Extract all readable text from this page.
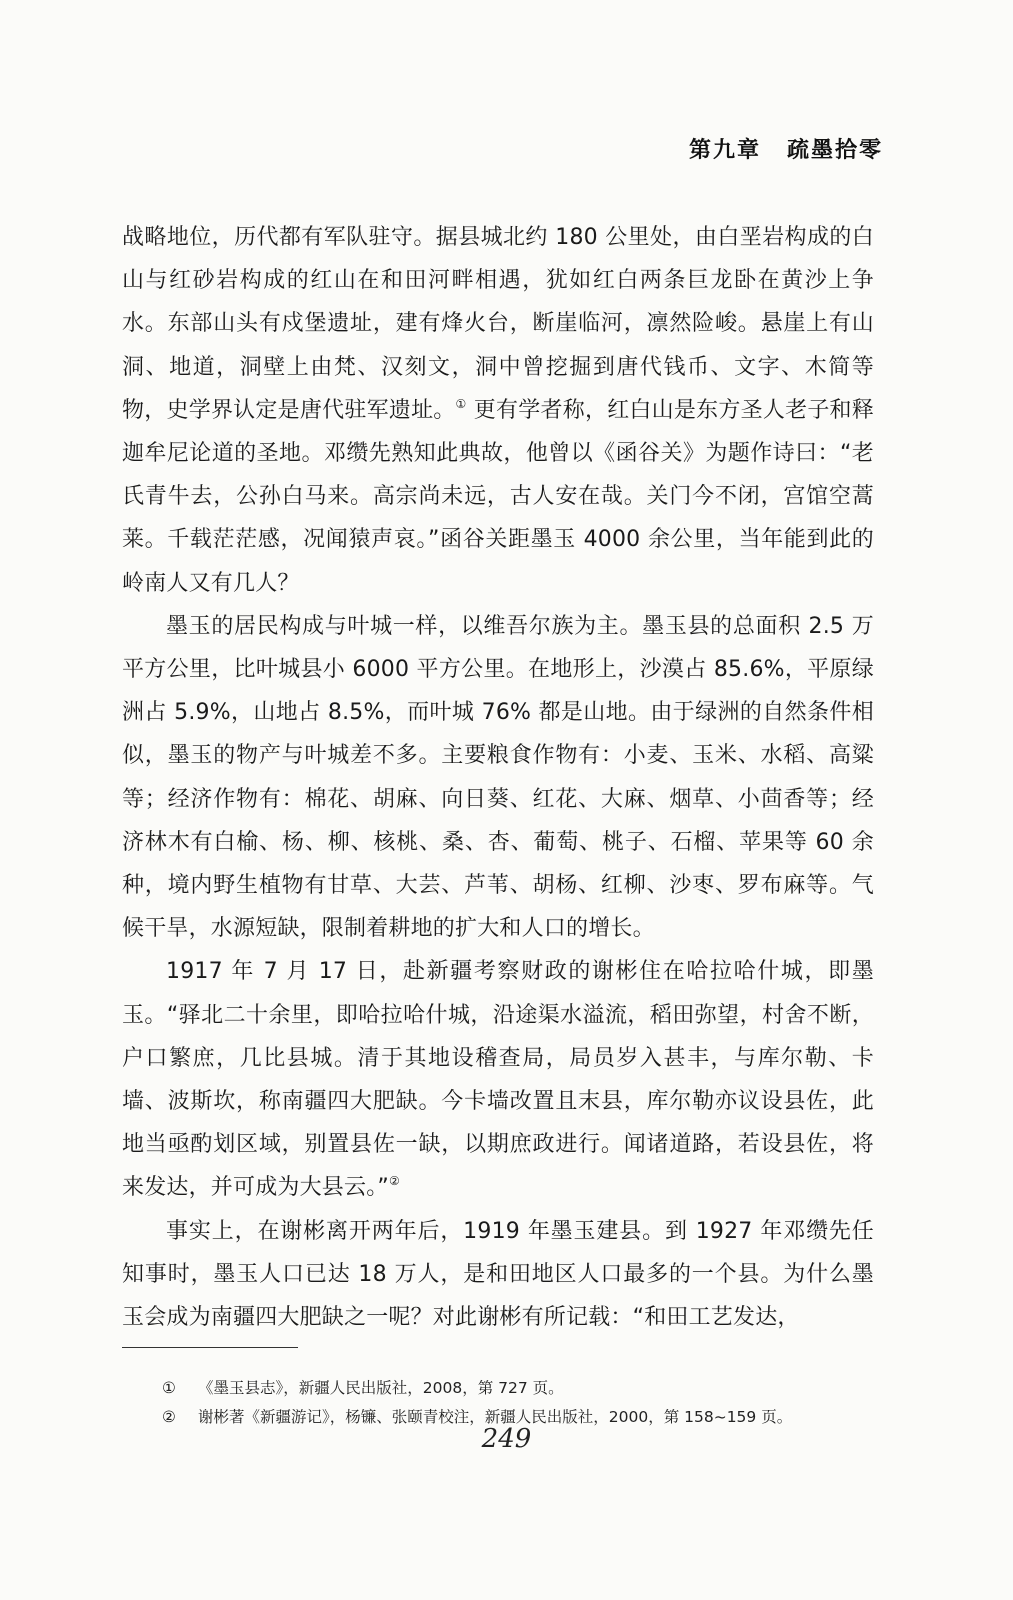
第九章 疏墨拾零

战略地位，历代都有军队驻守。据县城北约 180 公里处，由白垩岩构成的白山与红砂岩构成的红山在和田河畔相遇，犹如红白两条巨龙卧在黄沙上争水。东部山头有戍堡遗址，建有烽火台，断崖临河，凛然险峻。悬崖上有山洞、地道，洞壁上由梵、汉刻文，洞中曾挖掘到唐代钱币、文字、木简等物，史学界认定是唐代驻军遗址。① 更有学者称，红白山是东方圣人老子和释迦牟尼论道的圣地。邓缵先熟知此典故，他曾以《函谷关》为题作诗曰：“老氏青牛去，公孙白马来。高宗尚未远，古人安在哉。关门今不闭，宫馆空蒿莱。千载茫茫感，况闻猿声哀。”函谷关距墨玉 4000 余公里，当年能到此的岭南人又有几人？

墨玉的居民构成与叶城一样，以维吾尔族为主。墨玉县的总面积 2.5 万平方公里，比叶城县小 6000 平方公里。在地形上，沙漠占 85.6%，平原绿洲占 5.9%，山地占 8.5%，而叶城 76% 都是山地。由于绿洲的自然条件相似，墨玉的物产与叶城差不多。主要粮食作物有：小麦、玉米、水稻、高粱等；经济作物有：棉花、胡麻、向日葵、红花、大麻、烟草、小茴香等；经济林木有白榆、杨、柳、核桃、桑、杏、葡萄、桃子、石榴、苹果等 60 余种，境内野生植物有甘草、大芸、芦苇、胡杨、红柳、沙枣、罗布麻等。气候干旱，水源短缺，限制着耕地的扩大和人口的增长。

1917 年 7 月 17 日，赴新疆考察财政的谢彬住在哈拉哈什城，即墨玉。“驿北二十余里，即哈拉哈什城，沿途渠水溢流，稻田弥望，村舍不断，户口繁庶，几比县城。清于其地设稽查局，局员岁入甚丰，与库尔勒、卡墙、波斯坎，称南疆四大肥缺。今卡墙改置且末县，库尔勒亦议设县佐，此地当亟酌划区域，别置县佐一缺，以期庶政进行。闻诸道路，若设县佐，将来发达，并可成为大县云。”②

事实上，在谢彬离开两年后，1919 年墨玉建县。到 1927 年邓缵先任知事时，墨玉人口已达 18 万人，是和田地区人口最多的一个县。为什么墨玉会成为南疆四大肥缺之一呢？对此谢彬有所记载：“和田工艺发达，

①	《墨玉县志》，新疆人民出版社，2008，第 727 页。
②	谢彬著《新疆游记》，杨镰、张颐青校注，新疆人民出版社，2000，第 158~159 页。
249
